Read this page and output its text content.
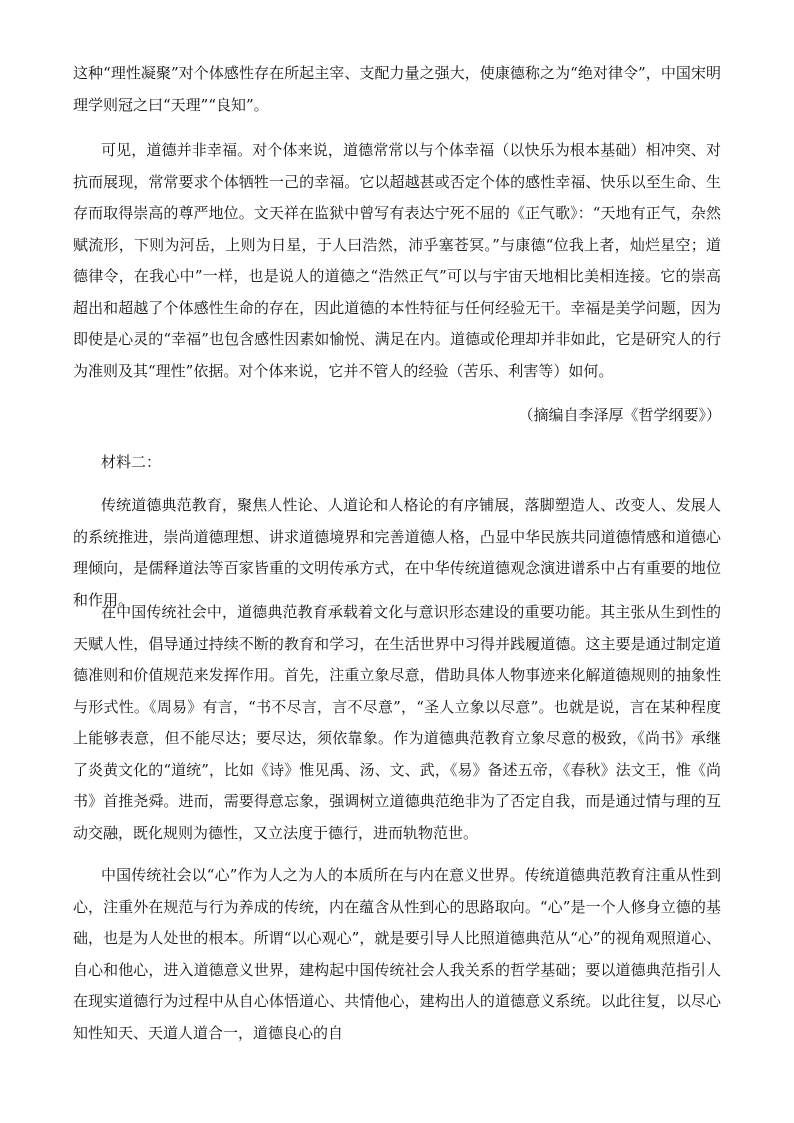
这种“理性凝聚”对个体感性存在所起主宰、支配力量之强大，使康德称之为“绝对律令”，中国宋明理学则冠之曰“天理”“良知”。

可见，道德并非幸福。对个体来说，道德常常以与个体幸福（以快乐为根本基础）相冲突、对抗而展现，常常要求个体牺牲一己的幸福。它以超越甚或否定个体的感性幸福、快乐以至生命、生存而取得崇高的尊严地位。文天祥在监狱中曾写有表达宁死不屈的《正气歌》：“天地有正气，杂然赋流形，下则为河岳，上则为日星，于人曰浩然，沛乎塞苍冥。”与康德“位我上者，灿烂星空；道德律令，在我心中”一样，也是说人的道德之“浩然正气”可以与宇宙天地相比美相连接。它的崇高超出和超越了个体感性生命的存在，因此道德的本性特征与任何经验无干。幸福是美学问题，因为即使是心灵的“幸福”也包含感性因素如愉悦、满足在内。道德或伦理却并非如此，它是研究人的行为准则及其“理性”依据。对个体来说，它并不管人的经验（苦乐、利害等）如何。

（摘编自李泽厚《哲学纲要》）

材料二：

传统道德典范教育，聚焦人性论、人道论和人格论的有序铺展，落脚塑造人、改变人、发展人的系统推进，崇尚道德理想、讲求道德境界和完善道德人格，凸显中华民族共同道德情感和道德心理倾向，是儒释道法等百家皆重的文明传承方式，在中华传统道德观念演进谱系中占有重要的地位和作用。

在中国传统社会中，道德典范教育承载着文化与意识形态建设的重要功能。其主张从生到性的天赋人性，倡导通过持续不断的教育和学习，在生活世界中习得并践履道德。这主要是通过制定道德准则和价值规范来发挥作用。首先，注重立象尽意，借助具体人物事迹来化解道德规则的抽象性与形式性。《周易》有言，“书不尽言，言不尽意”，“圣人立象以尽意”。也就是说，言在某种程度上能够表意，但不能尽达；要尽达，须依靠象。作为道德典范教育立象尽意的极致，《尚书》承继了炎黄文化的“道统”，比如《诗》惟见禹、汤、文、武，《易》备述五帝，《春秋》法文王，惟《尚书》首推尧舜。进而，需要得意忘象，强调树立道德典范绝非为了否定自我，而是通过情与理的互动交融，既化规则为德性，又立法度于德行，进而轨物范世。

中国传统社会以“心”作为人之为人的本质所在与内在意义世界。传统道德典范教育注重从性到心，注重外在规范与行为养成的传统，内在蕴含从性到心的思路取向。“心”是一个人修身立德的基础，也是为人处世的根本。所谓“以心观心”，就是要引导人比照道德典范从“心”的视角观照道心、自心和他心，进入道德意义世界，建构起中国传统社会人我关系的哲学基础；要以道德典范指引人在现实道德行为过程中从自心体悟道心、共情他心，建构出人的道德意义系统。以此往复，以尽心知性知天、天道人道合一，道德良心的自
